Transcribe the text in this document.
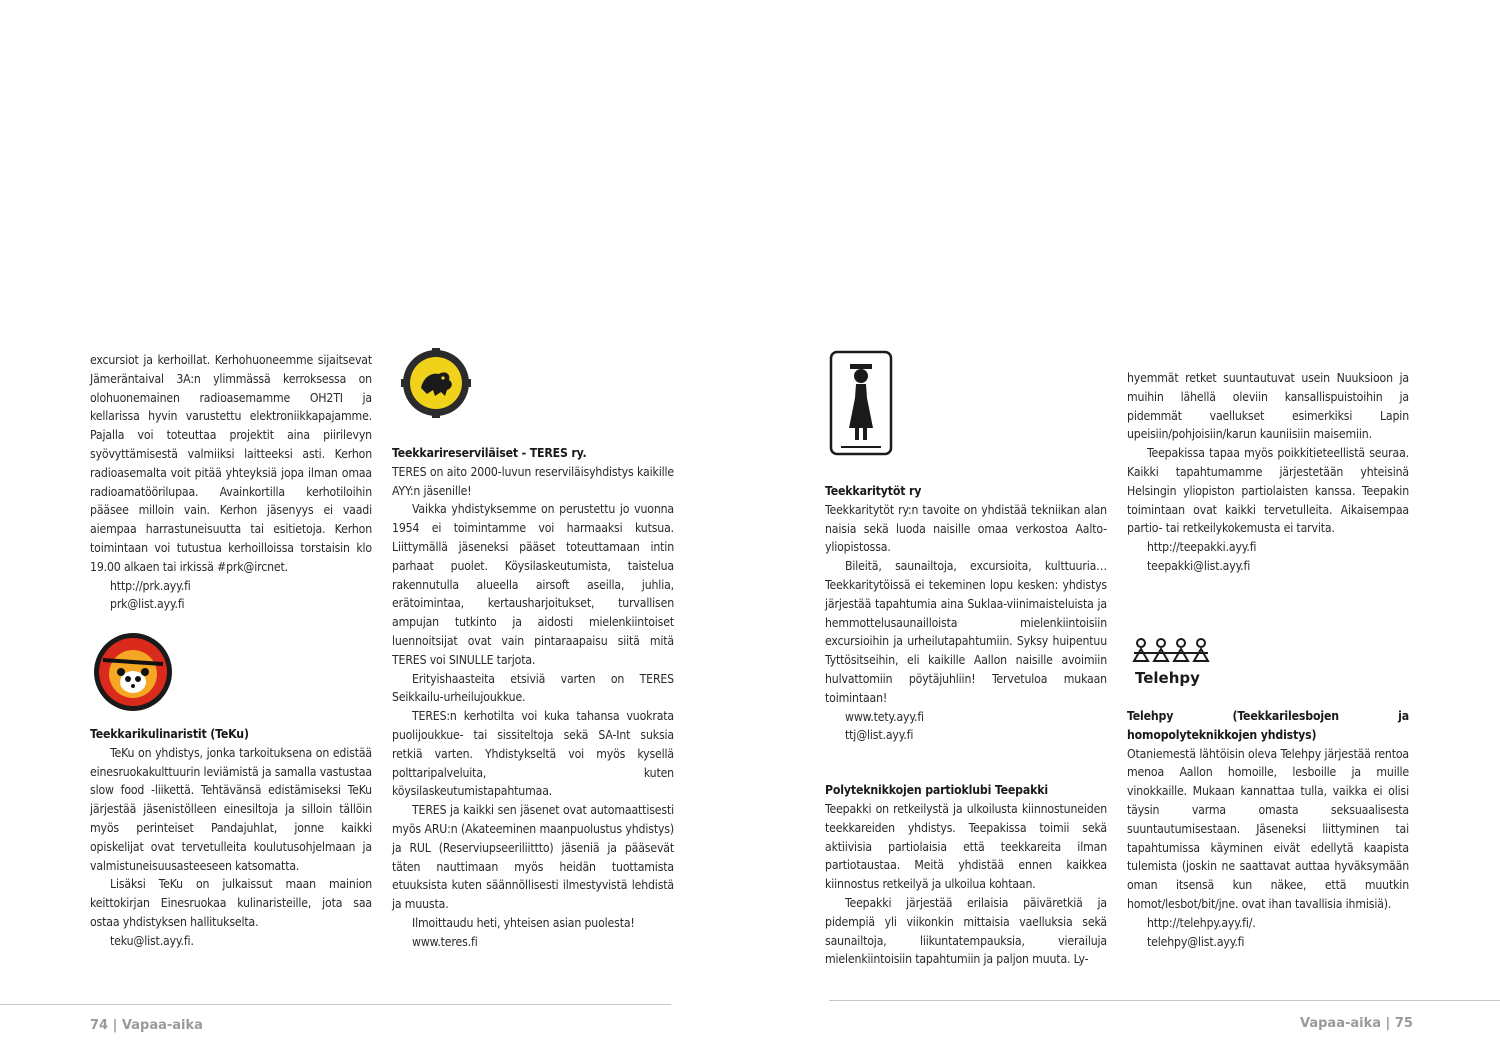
excursiot ja kerhoillat. Kerhohuoneemme sijaitsevat Jämeräntaival 3A:n ylimmässä kerroksessa on olohuonemainen radioasemamme OH2TI ja kellarissa hyvin varustettu elektroniikkapajamme. Pajalla voi toteuttaa projektit aina piirilevyn syövyttämisestä valmiiksi laitteeksi asti. Kerhon radioasemalta voit pitää yhteyksiä jopa ilman omaa radioamatöörilupaa. Avainkortilla kerhotiloihin pääsee milloin vain. Kerhon jäsenyys ei vaadi aiempaa harrastuneisuutta tai esitietoja. Kerhon toimintaan voi tutustua kerhoilloissa torstaisin klo 19.00 alkaen tai irkissä #prk@ircnet.

http://prk.ayy.fi

prk@list.ayy.fi

Teekkarikulinaristit (TeKu)

TeKu on yhdistys, jonka tarkoituksena on edistää einesruokakulttuurin leviämistä ja samalla vastustaa slow food -liikettä. Tehtävänsä edistämiseksi TeKu järjestää jäsenistölleen einesiltoja ja silloin tällöin myös perinteiset Pandajuhlat, jonne kaikki opiskelijat ovat tervetulleita koulutusohjelmaan ja valmistuneisuusasteeseen katsomatta.

Lisäksi TeKu on julkaissut maan mainion keittokirjan Einesruokaa kulinaristeille, jota saa ostaa yhdistyksen hallitukselta.

teku@list.ayy.fi.

Teekkarireserviläiset - TERES ry.

TERES on aito 2000-luvun reserviläisyhdistys kaikille AYY:n jäsenille!

Vaikka yhdistyksemme on perustettu jo vuonna 1954 ei toimintamme voi harmaaksi kutsua. Liittymällä jäseneksi pääset toteuttamaan intin parhaat puolet. Köysilaskeutumista, taistelua rakennutulla alueella airsoft aseilla, juhlia, erätoimintaa, kertausharjoitukset, turvallisen ampujan tutkinto ja aidosti mielenkiintoiset luennoitsijat ovat vain pintaraapaisu siitä mitä TERES voi SINULLE tarjota.

Erityishaasteita etsiviä varten on TERES Seikkailu-urheilujoukkue.

TERES:n kerhotilta voi kuka tahansa vuokrata puolijoukkue- tai sissiteltoja sekä SA-Int suksia retkiä varten. Yhdistykseltä voi myös kysellä polttaripalveluita, kuten köysilaskeutumistapahtumaa.

TERES ja kaikki sen jäsenet ovat automaattisesti myös ARU:n (Akateeminen maanpuolustus yhdistys) ja RUL (Reserviupseeriliittto) jäseniä ja pääsevät täten nauttimaan myös heidän tuottamista etuuksista kuten säännöllisesti ilmestyvistä lehdistä ja muusta.

Ilmoittaudu heti, yhteisen asian puolesta!

www.teres.fi

74 | Vapaa-aika

Teekkaritytöt ry

Teekkaritytöt ry:n tavoite on yhdistää tekniikan alan naisia sekä luoda naisille omaa verkostoa Aalto-yliopistossa.

Bileitä, saunailtoja, excursioita, kulttuuria… Teekkaritytöissä ei tekeminen lopu kesken: yhdistys järjestää tapahtumia aina Suklaa-viinimaisteluista ja hemmottelusaunailloista mielenkiintoisiin excursioihin ja urheilutapahtumiin. Syksy huipentuu Tyttösitseihin, eli kaikille Aallon naisille avoimiin hulvattomiin pöytäjuhliin! Tervetuloa mukaan toimintaan!

www.tety.ayy.fi

ttj@list.ayy.fi

Polyteknikkojen partioklubi Teepakki

Teepakki on retkeilystä ja ulkoilusta kiinnostuneiden teekkareiden yhdistys. Teepakissa toimii sekä aktiivisia partiolaisia että teekkareita ilman partiotaustaa. Meitä yhdistää ennen kaikkea kiinnostus retkeilyä ja ulkoilua kohtaan.

Teepakki järjestää erilaisia päiväretkiä ja pidempiä yli viikonkin mittaisia vaelluksia sekä saunailtoja, liikuntatempauksia, vierailuja mielenkiintoisiin tapahtumiin ja paljon muuta. Ly-

hyemmät retket suuntautuvat usein Nuuksioon ja muihin lähellä oleviin kansallispuistoihin ja pidemmät vaellukset esimerkiksi Lapin upeisiin/pohjoisiin/karun kauniisiin maisemiin.

Teepakissa tapaa myös poikkitieteellistä seuraa. Kaikki tapahtumamme järjestetään yhteisinä Helsingin yliopiston partiolaisten kanssa. Teepakin toimintaan ovat kaikki tervetulleita. Aikaisempaa partio- tai retkeilykokemusta ei tarvita.

http://teepakki.ayy.fi

teepakki@list.ayy.fi

Telehpy

Telehpy (Teekkarilesbojen ja homopolyteknikkojen yhdistys)

Otaniemestä lähtöisin oleva Telehpy järjestää rentoa menoa Aallon homoille, lesboille ja muille vinokkaille. Mukaan kannattaa tulla, vaikka ei olisi täysin varma omasta seksuaalisesta suuntautumisestaan. Jäseneksi liittyminen tai tapahtumissa käyminen eivät edellytä kaapista tulemista (joskin ne saattavat auttaa hyväksymään oman itsensä kun näkee, että muutkin homot/lesbot/bit/jne. ovat ihan tavallisia ihmisiä).

http://telehpy.ayy.fi/.

telehpy@list.ayy.fi

Vapaa-aika | 75
